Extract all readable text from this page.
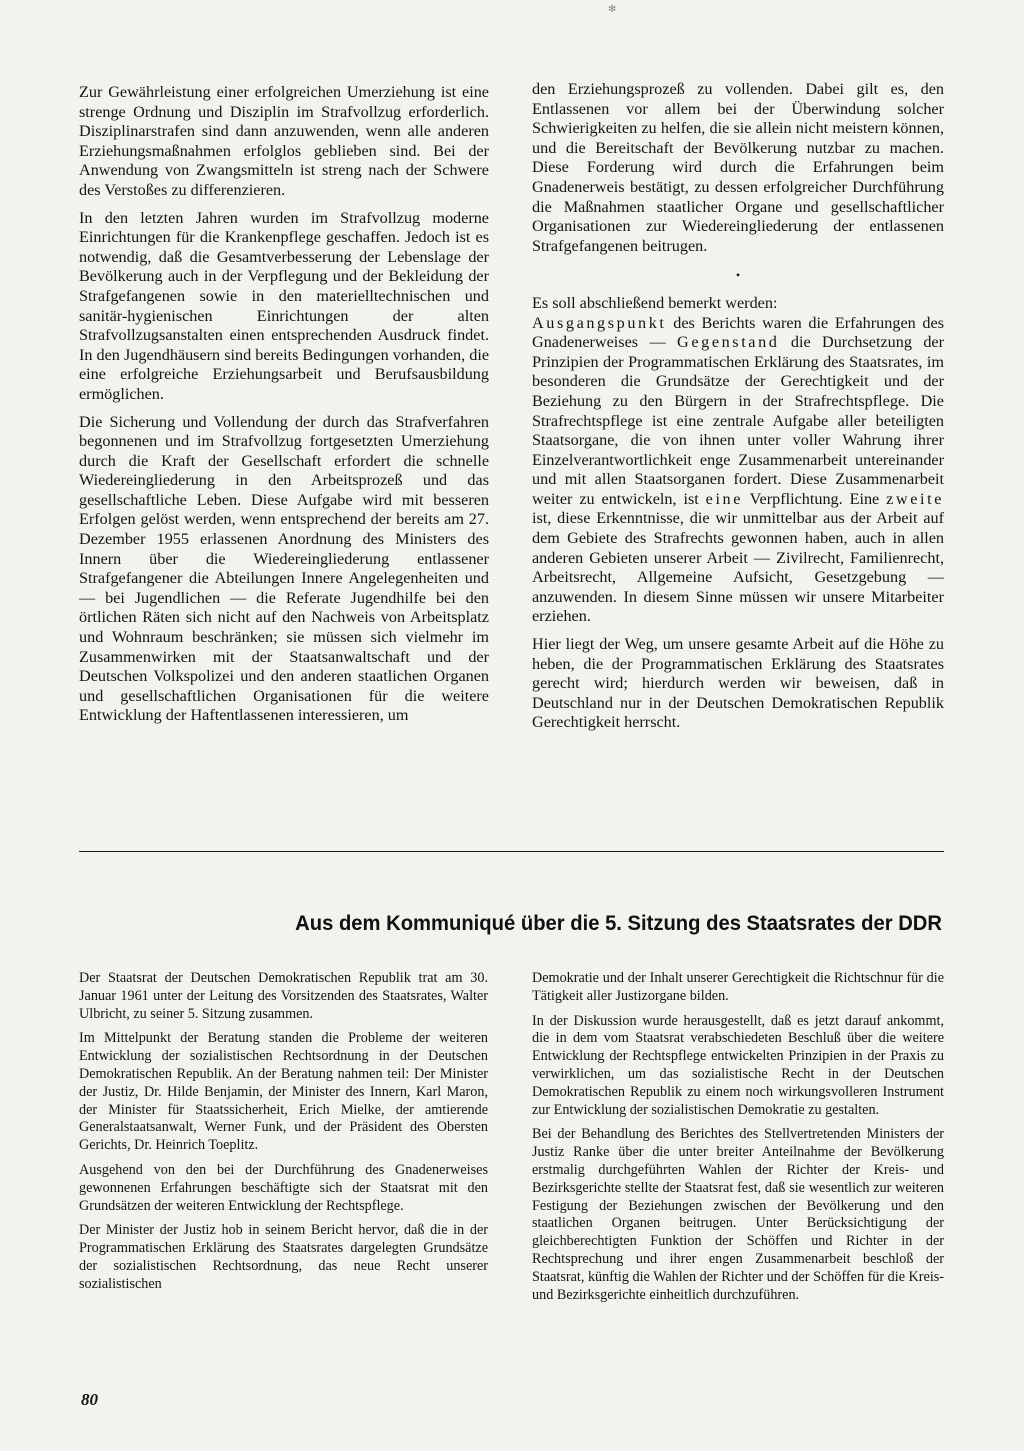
✻

Zur Gewährleistung einer erfolgreichen Umerziehung ist eine strenge Ordnung und Disziplin im Strafvollzug erforderlich. Disziplinarstrafen sind dann anzuwenden, wenn alle anderen Erziehungsmaßnahmen erfolglos geblieben sind. Bei der Anwendung von Zwangsmitteln ist streng nach der Schwere des Verstoßes zu differenzieren.

In den letzten Jahren wurden im Strafvollzug moderne Einrichtungen für die Krankenpflege geschaffen. Jedoch ist es notwendig, daß die Gesamtverbesserung der Lebenslage der Bevölkerung auch in der Verpflegung und der Bekleidung der Strafgefangenen sowie in den materielltechnischen und sanitär-hygienischen Einrichtungen der alten Strafvollzugsanstalten einen entsprechenden Ausdruck findet. In den Jugendhäusern sind bereits Bedingungen vorhanden, die eine erfolgreiche Erziehungsarbeit und Berufsausbildung ermöglichen.

Die Sicherung und Vollendung der durch das Strafverfahren begonnenen und im Strafvollzug fortgesetzten Umerziehung durch die Kraft der Gesellschaft erfordert die schnelle Wiedereingliederung in den Arbeitsprozeß und das gesellschaftliche Leben. Diese Aufgabe wird mit besseren Erfolgen gelöst werden, wenn entsprechend der bereits am 27. Dezember 1955 erlassenen Anordnung des Ministers des Innern über die Wiedereingliederung entlassener Strafgefangener die Abteilungen Innere Angelegenheiten und — bei Jugendlichen — die Referate Jugendhilfe bei den örtlichen Räten sich nicht auf den Nachweis von Arbeitsplatz und Wohnraum beschränken; sie müssen sich vielmehr im Zusammenwirken mit der Staatsanwaltschaft und der Deutschen Volkspolizei und den anderen staatlichen Organen und gesellschaftlichen Organisationen für die weitere Entwicklung der Haftentlassenen interessieren, um

den Erziehungsprozeß zu vollenden. Dabei gilt es, den Entlassenen vor allem bei der Überwindung solcher Schwierigkeiten zu helfen, die sie allein nicht meistern können, und die Bereitschaft der Bevölkerung nutzbar zu machen. Diese Forderung wird durch die Erfahrungen beim Gnadenerweis bestätigt, zu dessen erfolgreicher Durchführung die Maßnahmen staatlicher Organe und gesellschaftlicher Organisationen zur Wiedereingliederung der entlassenen Strafgefangenen beitrugen.

•

Es soll abschließend bemerkt werden:

Ausgangspunkt des Berichts waren die Erfahrungen des Gnadenerweises — Gegenstand die Durchsetzung der Prinzipien der Programmatischen Erklärung des Staatsrates, im besonderen die Grundsätze der Gerechtigkeit und der Beziehung zu den Bürgern in der Strafrechtspflege. Die Strafrechtspflege ist eine zentrale Aufgabe aller beteiligten Staatsorgane, die von ihnen unter voller Wahrung ihrer Einzelverantwortlichkeit enge Zusammenarbeit untereinander und mit allen Staatsorganen fordert. Diese Zusammenarbeit weiter zu entwickeln, ist eine Verpflichtung. Eine zweite ist, diese Erkenntnisse, die wir unmittelbar aus der Arbeit auf dem Gebiete des Strafrechts gewonnen haben, auch in allen anderen Gebieten unserer Arbeit — Zivilrecht, Familienrecht, Arbeitsrecht, Allgemeine Aufsicht, Gesetzgebung — anzuwenden. In diesem Sinne müssen wir unsere Mitarbeiter erziehen.

Hier liegt der Weg, um unsere gesamte Arbeit auf die Höhe zu heben, die der Programmatischen Erklärung des Staatsrates gerecht wird; hierdurch werden wir beweisen, daß in Deutschland nur in der Deutschen Demokratischen Republik Gerechtigkeit herrscht.

Aus dem Kommuniqué über die 5. Sitzung des Staatsrates der DDR

Der Staatsrat der Deutschen Demokratischen Republik trat am 30. Januar 1961 unter der Leitung des Vorsitzenden des Staatsrates, Walter Ulbricht, zu seiner 5. Sitzung zusammen.

Im Mittelpunkt der Beratung standen die Probleme der weiteren Entwicklung der sozialistischen Rechtsordnung in der Deutschen Demokratischen Republik. An der Beratung nahmen teil: Der Minister der Justiz, Dr. Hilde Benjamin, der Minister des Innern, Karl Maron, der Minister für Staatssicherheit, Erich Mielke, der amtierende Generalstaatsanwalt, Werner Funk, und der Präsident des Obersten Gerichts, Dr. Heinrich Toeplitz.

Ausgehend von den bei der Durchführung des Gnadenerweises gewonnenen Erfahrungen beschäftigte sich der Staatsrat mit den Grundsätzen der weiteren Entwicklung der Rechtspflege.

Der Minister der Justiz hob in seinem Bericht hervor, daß die in der Programmatischen Erklärung des Staatsrates dargelegten Grundsätze der sozialistischen Rechtsordnung, das neue Recht unserer sozialistischen

Demokratie und der Inhalt unserer Gerechtigkeit die Richtschnur für die Tätigkeit aller Justizorgane bilden.

In der Diskussion wurde herausgestellt, daß es jetzt darauf ankommt, die in dem vom Staatsrat verabschiedeten Beschluß über die weitere Entwicklung der Rechtspflege entwickelten Prinzipien in der Praxis zu verwirklichen, um das sozialistische Recht in der Deutschen Demokratischen Republik zu einem noch wirkungsvolleren Instrument zur Entwicklung der sozialistischen Demokratie zu gestalten.

Bei der Behandlung des Berichtes des Stellvertretenden Ministers der Justiz Ranke über die unter breiter Anteilnahme der Bevölkerung erstmalig durchgeführten Wahlen der Richter der Kreis- und Bezirksgerichte stellte der Staatsrat fest, daß sie wesentlich zur weiteren Festigung der Beziehungen zwischen der Bevölkerung und den staatlichen Organen beitrugen. Unter Berücksichtigung der gleichberechtigten Funktion der Schöffen und Richter in der Rechtsprechung und ihrer engen Zusammenarbeit beschloß der Staatsrat, künftig die Wahlen der Richter und der Schöffen für die Kreis- und Bezirksgerichte einheitlich durchzuführen.

80
